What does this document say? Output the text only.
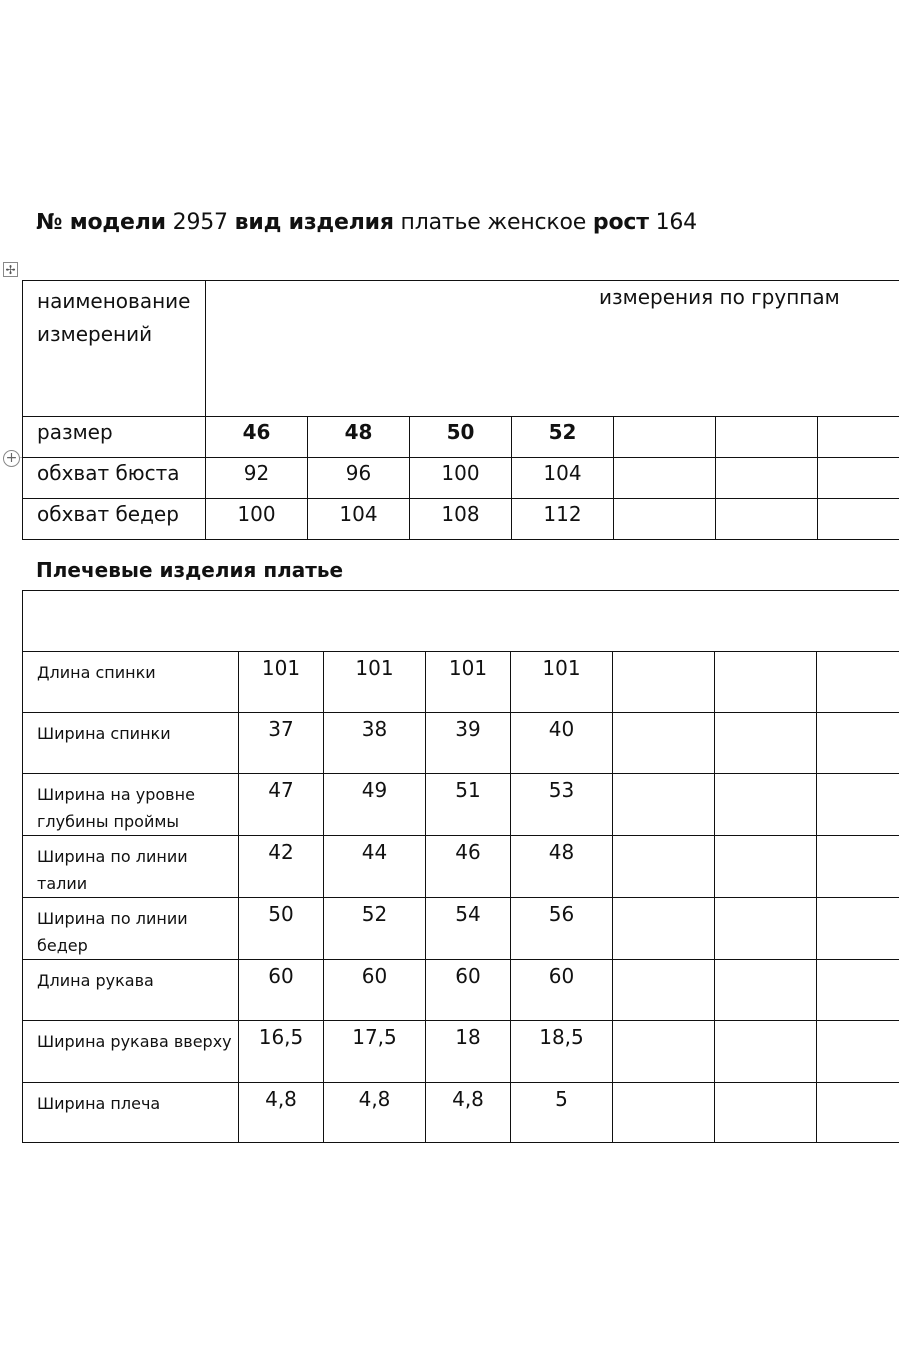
№ модели 2957 вид изделия платье женское рост 164
✢
+
наименование
измерений	измерения по группам						

размер	46	48	50	52			
обхват бюста	92	96	100	104			
обхват бедер	100	104	108	112			
Плечевые изделия платье

Длина спинки	101	101	101	101			
Ширина спинки	37	38	39	40			
Ширина на уровне глубины проймы	47	49	51	53			
Ширина по линии талии	42	44	46	48			
Ширина по линии бедер	50	52	54	56			
Длина рукава	60	60	60	60			
Ширина рукава вверху	16,5	17,5	18	18,5			
Ширина плеча	4,8	4,8	4,8	5			
